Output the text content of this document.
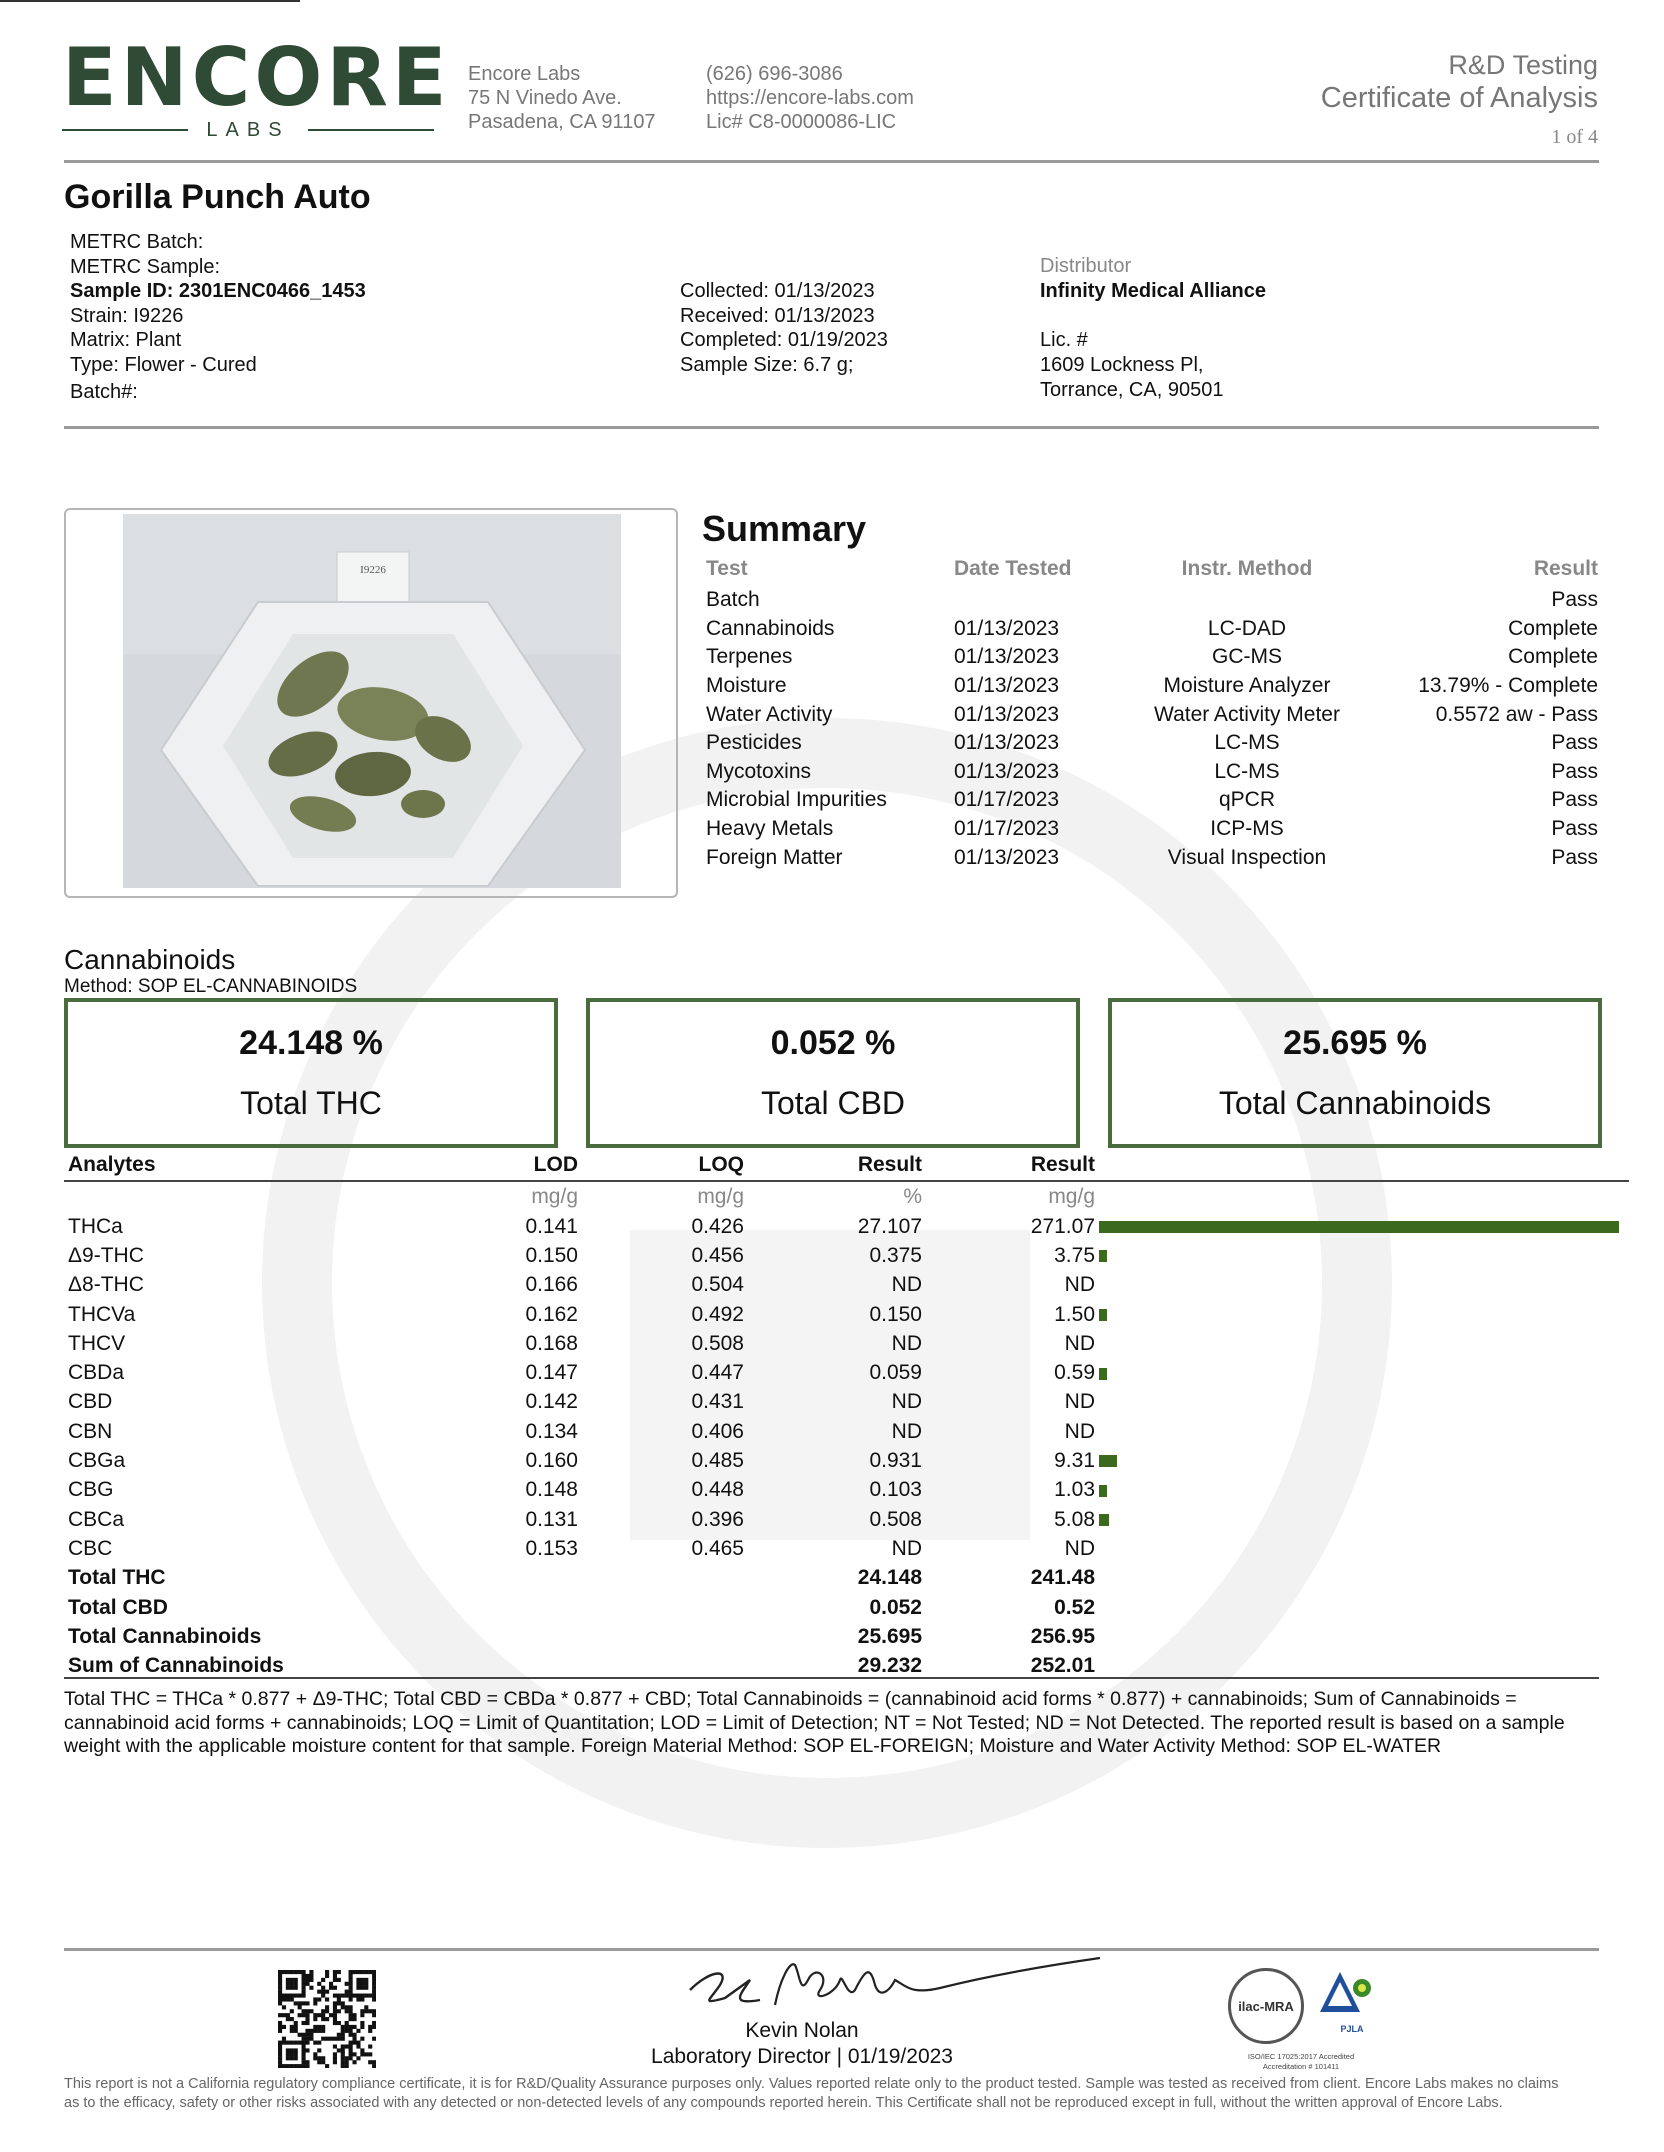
ENCORE
LABS
Encore Labs
75 N Vinedo Ave.
Pasadena, CA 91107
(626) 696-3086
https://encore-labs.com
Lic# C8-0000086-LIC
R&D Testing
Certificate of Analysis
1 of 4
Gorilla Punch Auto
METRC Batch:
METRC Sample:
Sample ID: 2301ENC0466_1453
Strain: I9226
Matrix: Plant
Type: Flower - Cured
Batch#:
Collected: 01/13/2023
Received: 01/13/2023
Completed: 01/19/2023
Sample Size: 6.7 g;
Distributor
Infinity Medical Alliance
Lic. #
1609 Lockness Pl,
Torrance, CA, 90501
I9226
Summary
Test	Date Tested	Instr. Method	Result
Batch			Pass
Cannabinoids	01/13/2023	LC-DAD	Complete
Terpenes	01/13/2023	GC-MS	Complete
Moisture	01/13/2023	Moisture Analyzer	13.79% - Complete
Water Activity	01/13/2023	Water Activity Meter	0.5572 aw - Pass
Pesticides	01/13/2023	LC-MS	Pass
Mycotoxins	01/13/2023	LC-MS	Pass
Microbial Impurities	01/17/2023	qPCR	Pass
Heavy Metals	01/17/2023	ICP-MS	Pass
Foreign Matter	01/13/2023	Visual Inspection	Pass
Cannabinoids
Method: SOP EL-CANNABINOIDS
24.148 %
Total THC
0.052 %
Total CBD
25.695 %
Total Cannabinoids
Analytes	LOD	LOQ	Result	Result	
	mg/g	mg/g	%	mg/g	
THCa	0.141	0.426	27.107	271.07	
Δ9-THC	0.150	0.456	0.375	3.75	
Δ8-THC	0.166	0.504	ND	ND	
THCVa	0.162	0.492	0.150	1.50	
THCV	0.168	0.508	ND	ND	
CBDa	0.147	0.447	0.059	0.59	
CBD	0.142	0.431	ND	ND	
CBN	0.134	0.406	ND	ND	
CBGa	0.160	0.485	0.931	9.31	
CBG	0.148	0.448	0.103	1.03	
CBCa	0.131	0.396	0.508	5.08	
CBC	0.153	0.465	ND	ND	
Total THC			24.148	241.48	
Total CBD			0.052	0.52	
Total Cannabinoids			25.695	256.95	
Sum of Cannabinoids			29.232	252.01	
Total THC = THCa * 0.877 + Δ9-THC; Total CBD = CBDa * 0.877 + CBD; Total Cannabinoids = (cannabinoid acid forms * 0.877) + cannabinoids; Sum of Cannabinoids = cannabinoid acid forms + cannabinoids; LOQ = Limit of Quantitation; LOD = Limit of Detection; NT = Not Tested; ND = Not Detected. The reported result is based on a sample weight with the applicable moisture content for that sample. Foreign Material Method: SOP EL-FOREIGN; Moisture and Water Activity Method: SOP EL-WATER
Kevin Nolan
Laboratory Director | 01/19/2023
ilac-MRA
PJLA
ISO/IEC 17025:2017 Accredited
Accreditation # 101411
This report is not a California regulatory compliance certificate, it is for R&D/Quality Assurance purposes only. Values reported relate only to the product tested. Sample was tested as received from client. Encore Labs makes no claims as to the efficacy, safety or other risks associated with any detected or non-detected levels of any compounds reported herein. This Certificate shall not be reproduced except in full, without the written approval of Encore Labs.
